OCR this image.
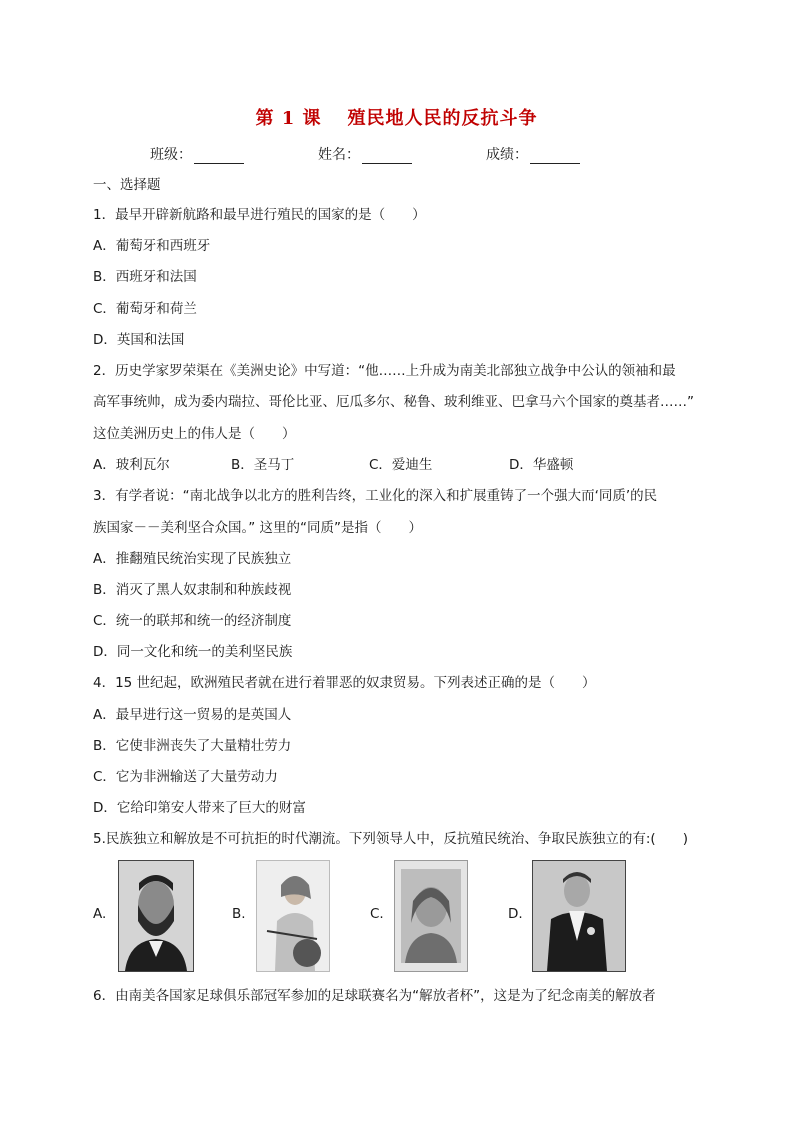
第 1 课 殖民地人民的反抗斗争
班级：	姓名：	成绩：
一、选择题
1．最早开辟新航路和最早进行殖民的国家的是（　　）
A．葡萄牙和西班牙
B．西班牙和法国
C．葡萄牙和荷兰
D．英国和法国
2．历史学家罗荣渠在《美洲史论》中写道：“他……上升成为南美北部独立战争中公认的领袖和最
高军事统帅，成为委内瑞拉、哥伦比亚、厄瓜多尔、秘鲁、玻利维亚、巴拿马六个国家的奠基者……”
这位美洲历史上的伟人是（　　）
A．玻利瓦尔	B．圣马丁	C．爱迪生	D．华盛顿
3．有学者说：“南北战争以北方的胜利告终，工业化的深入和扩展重铸了一个强大而‘同质’的民
族国家－－美利坚合众国。” 这里的“同质”是指（　　）
A．推翻殖民统治实现了民族独立
B．消灭了黑人奴隶制和种族歧视
C．统一的联邦和统一的经济制度
D．同一文化和统一的美利坚民族
4．15 世纪起，欧洲殖民者就在进行着罪恶的奴隶贸易。下列表述正确的是（　　）
A．最早进行这一贸易的是英国人
B．它使非洲丧失了大量精壮劳力
C．它为非洲输送了大量劳动力
D．它给印第安人带来了巨大的财富
5.民族独立和解放是不可抗拒的时代潮流。下列领导人中，反抗殖民统治、争取民族独立的有:(　　)
A.	B.	C.	D.
6．由南美各国家足球俱乐部冠军参加的足球联赛名为“解放者杯”，这是为了纪念南美的解放者
